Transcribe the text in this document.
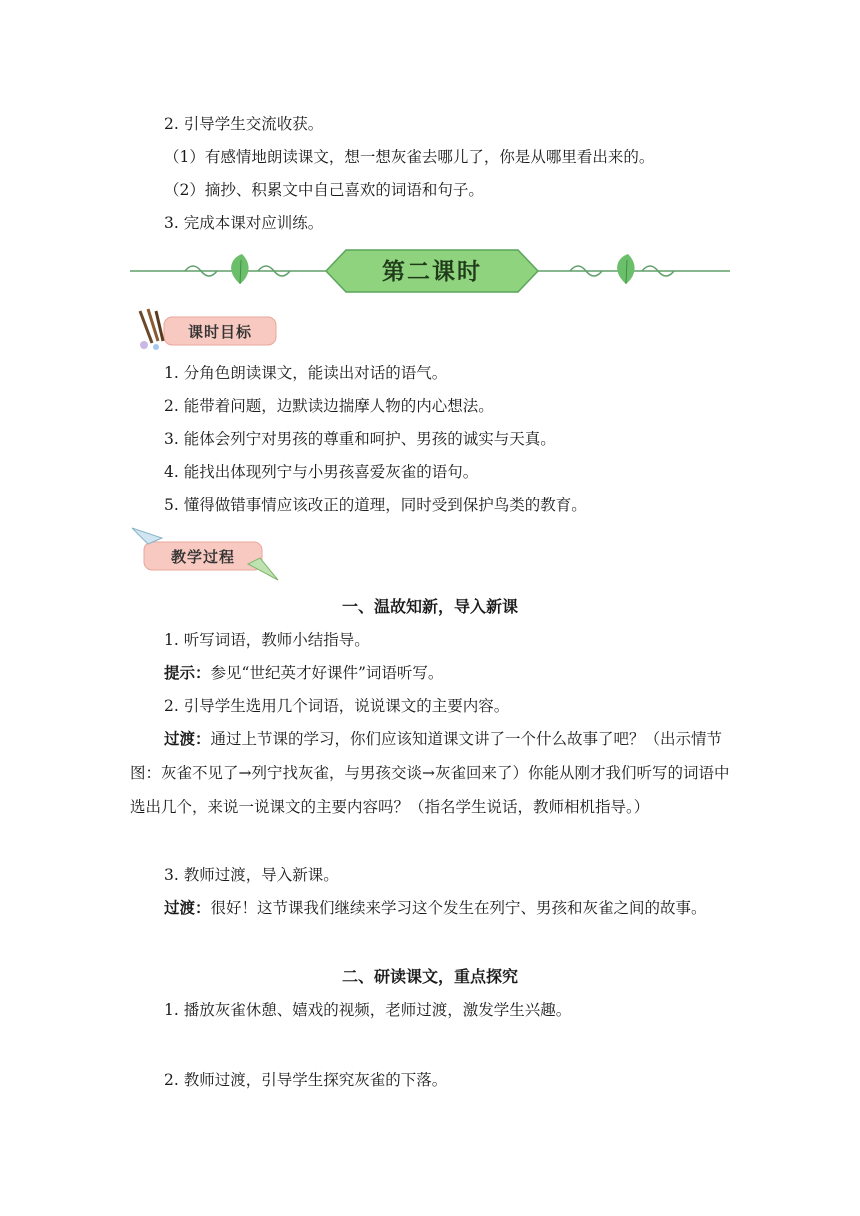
2. 引导学生交流收获。
（1）有感情地朗读课文，想一想灰雀去哪儿了，你是从哪里看出来的。
（2）摘抄、积累文中自己喜欢的词语和句子。
3. 完成本课对应训练。
第二课时
课时目标
1. 分角色朗读课文，能读出对话的语气。
2. 能带着问题，边默读边揣摩人物的内心想法。
3. 能体会列宁对男孩的尊重和呵护、男孩的诚实与天真。
4. 能找出体现列宁与小男孩喜爱灰雀的语句。
5. 懂得做错事情应该改正的道理，同时受到保护鸟类的教育。
教学过程
一、温故知新，导入新课
1. 听写词语，教师小结指导。
提示：参见“世纪英才好课件”词语听写。
2. 引导学生选用几个词语，说说课文的主要内容。
过渡：通过上节课的学习，你们应该知道课文讲了一个什么故事了吧？（出示情节图：灰雀不见了→列宁找灰雀，与男孩交谈→灰雀回来了）你能从刚才我们听写的词语中选出几个，来说一说课文的主要内容吗？（指名学生说话，教师相机指导。）
3. 教师过渡，导入新课。
过渡：很好！这节课我们继续来学习这个发生在列宁、男孩和灰雀之间的故事。
二、研读课文，重点探究
1. 播放灰雀休憩、嬉戏的视频，老师过渡，激发学生兴趣。
2. 教师过渡，引导学生探究灰雀的下落。
